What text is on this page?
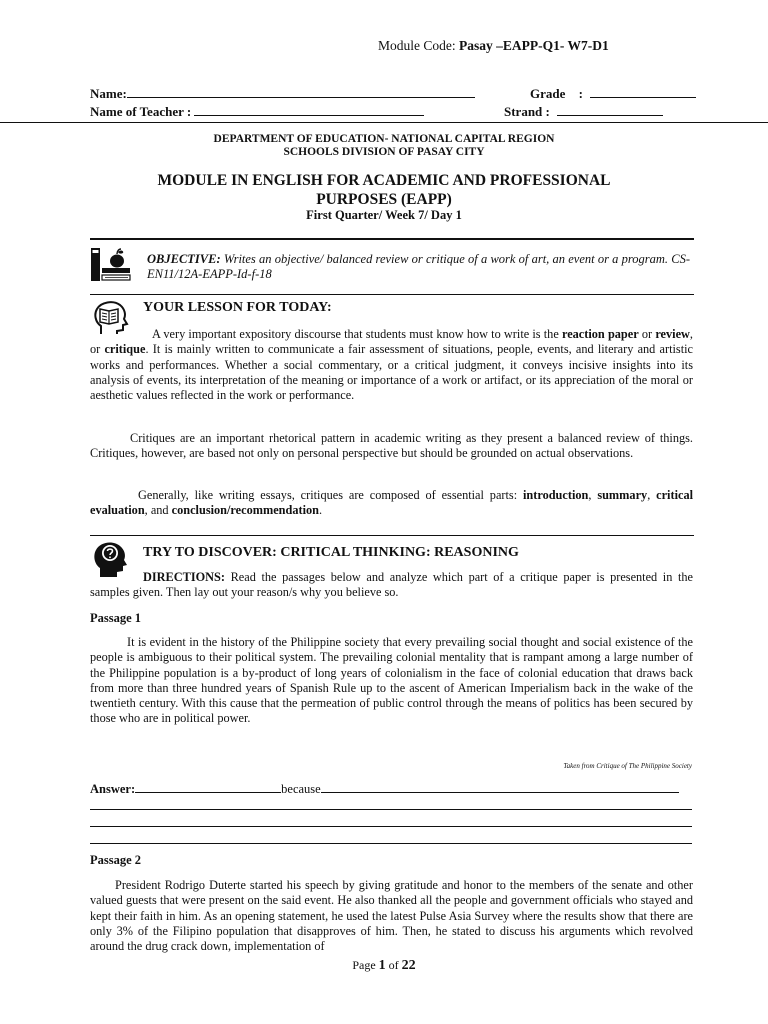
Module Code: Pasay –EAPP-Q1- W7-D1
Name:	Grade :
Name of Teacher :	Strand :
DEPARTMENT OF EDUCATION- NATIONAL CAPITAL REGION
SCHOOLS DIVISION OF PASAY CITY
MODULE IN ENGLISH FOR ACADEMIC AND PROFESSIONAL
PURPOSES (EAPP)
First Quarter/ Week 7/ Day 1
OBJECTIVE: Writes an objective/ balanced review or critique of a work of art, an event or a program. CS-EN11/12A-EAPP-Id-f-18
YOUR LESSON FOR TODAY:
A very important expository discourse that students must know how to write is the reaction paper or review, or critique. It is mainly written to communicate a fair assessment of situations, people, events, and literary and artistic works and performances. Whether a social commentary, or a critical judgment, it conveys incisive insights into its analysis of events, its interpretation of the meaning or importance of a work or artifact, or its appreciation of the moral or aesthetic values reflected in the work or performance.
Critiques are an important rhetorical pattern in academic writing as they present a balanced review of things. Critiques, however, are based not only on personal perspective but should be grounded on actual observations.
Generally, like writing essays, critiques are composed of essential parts: introduction, summary, critical evaluation, and conclusion/recommendation.
TRY TO DISCOVER: CRITICAL THINKING: REASONING
DIRECTIONS: Read the passages below and analyze which part of a critique paper is presented in the samples given. Then lay out your reason/s why you believe so.
Passage 1
It is evident in the history of the Philippine society that every prevailing social thought and social existence of the people is ambiguous to their political system. The prevailing colonial mentality that is rampant among a large number of the Philippine population is a by-product of long years of colonialism in the face of colonial education that draws back from more than three hundred years of Spanish Rule up to the ascent of American Imperialism back in the wake of the twentieth century. With this cause that the permeation of public control through the means of politics has been secured by those who are in political power.
Taken from Critique of The Philippine Society
Answer:	because
Passage 2
President Rodrigo Duterte started his speech by giving gratitude and honor to the members of the senate and other valued guests that were present on the said event. He also thanked all the people and government officials who stayed and kept their faith in him. As an opening statement, he used the latest Pulse Asia Survey where the results show that there are only 3% of the Filipino population that disapproves of him. Then, he stated to discuss his arguments which revolved around the drug crack down, implementation of
Page 1 of 22
